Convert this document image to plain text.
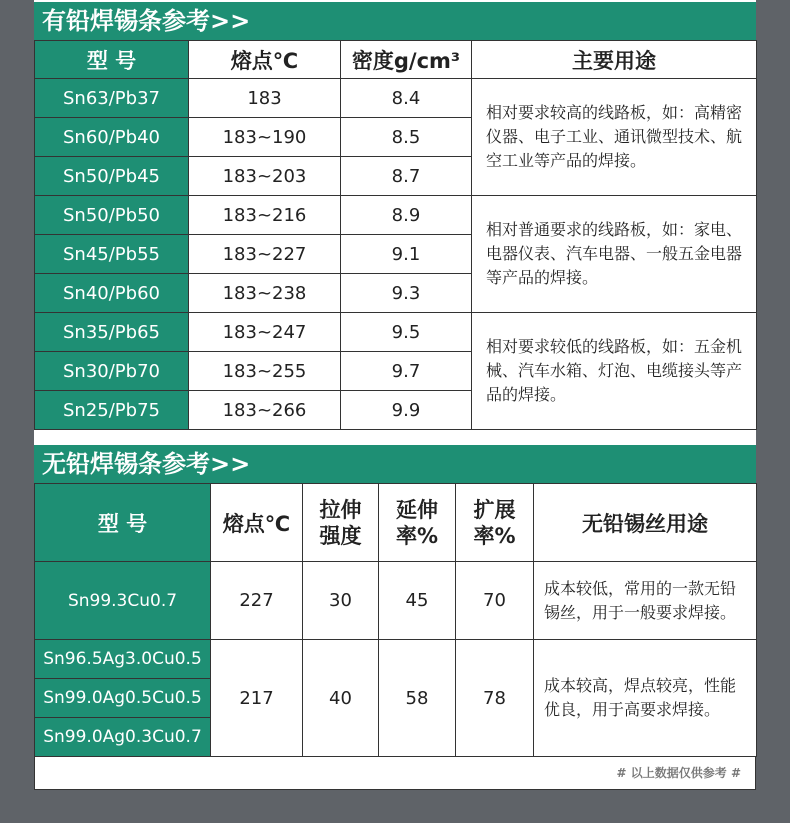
有铅焊锡条参考>>
型 号	熔点℃	密度g/cm³	主要用途
Sn63/Pb37	183	8.4	相对要求较高的线路板，如：高精密仪器、电子工业、通讯微型技术、航空工业等产品的焊接。
Sn60/Pb40	183~190	8.5	
Sn50/Pb45	183~203	8.7	
Sn50/Pb50	183~216	8.9	相对普通要求的线路板，如：家电、电器仪表、汽车电器、一般五金电器等产品的焊接。
Sn45/Pb55	183~227	9.1	
Sn40/Pb60	183~238	9.3	
Sn35/Pb65	183~247	9.5	相对要求较低的线路板，如：五金机械、汽车水箱、灯泡、电缆接头等产品的焊接。
Sn30/Pb70	183~255	9.7	
Sn25/Pb75	183~266	9.9	
无铅焊锡条参考>>
型 号	熔点℃	拉伸强度	延伸率%	扩展率%	无铅锡丝用途
Sn99.3Cu0.7	227	30	45	70	成本较低，常用的一款无铅锡丝，用于一般要求焊接。
Sn96.5Ag3.0Cu0.5	217	40	58	78	成本较高，焊点较亮，性能优良，用于高要求焊接。
Sn99.0Ag0.5Cu0.5					
Sn99.0Ag0.3Cu0.7					
# 以上数据仅供参考 #
